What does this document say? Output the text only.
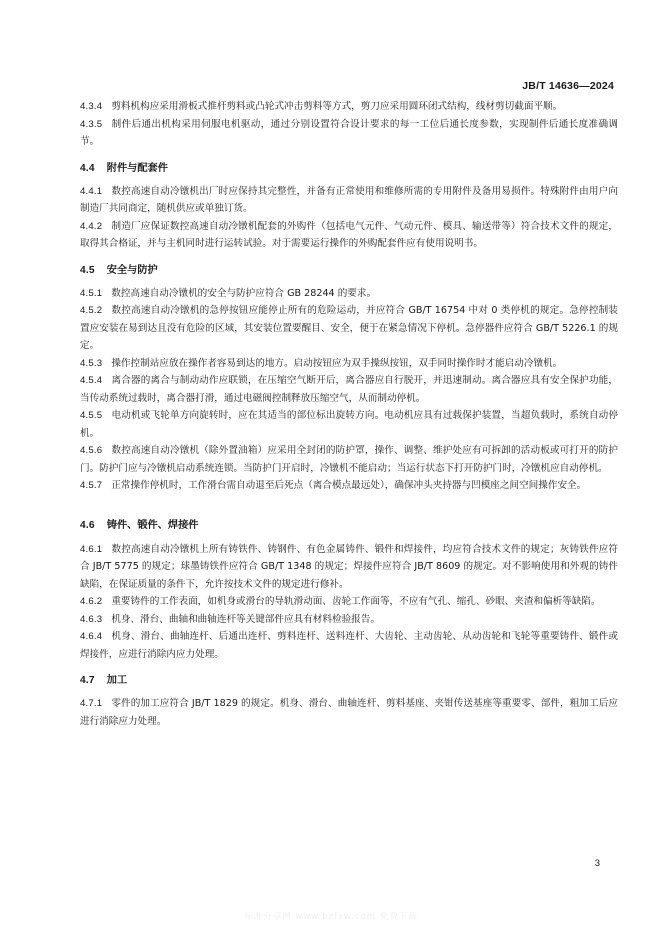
JB/T 14636—2024

4.3.4 剪料机构应采用滑板式推杆剪料或凸轮式冲击剪料等方式，剪刀应采用圆环闭式结构，线材剪切截面平顺。

4.3.5 制件后通出机构采用伺服电机驱动，通过分别设置符合设计要求的每一工位后通长度参数，实现制件后通长度准确调节。

4.4 附件与配套件

4.4.1 数控高速自动冷镦机出厂时应保持其完整性，并备有正常使用和维修所需的专用附件及备用易损件。特殊附件由用户向制造厂共同商定，随机供应或单独订货。

4.4.2 制造厂应保证数控高速自动冷镦机配套的外购件（包括电气元件、气动元件、模具、输送带等）符合技术文件的规定，取得其合格证，并与主机同时进行运转试验。对于需要运行操作的外购配套件应有使用说明书。

4.5 安全与防护

4.5.1 数控高速自动冷镦机的安全与防护应符合 GB 28244 的要求。

4.5.2 数控高速自动冷镦机的急停按钮应能停止所有的危险运动，并应符合 GB/T 16754 中对 0 类停机的规定。急停控制装置应安装在易到达且没有危险的区域，其安装位置要醒目、安全，便于在紧急情况下停机。急停器件应符合 GB/T 5226.1 的规定。

4.5.3 操作控制站应放在操作者容易到达的地方。启动按钮应为双手操纵按钮，双手同时操作时才能启动冷镦机。

4.5.4 离合器的离合与制动动作应联锁，在压缩空气断开后，离合器应自行脱开，并迅速制动。离合器应具有安全保护功能，当传动系统过载时，离合器打滑，通过电磁阀控制释放压缩空气，从而制动停机。

4.5.5 电动机或飞轮单方向旋转时，应在其适当的部位标出旋转方向。电动机应具有过载保护装置，当超负载时，系统自动停机。

4.5.6 数控高速自动冷镦机（除外置油箱）应采用全封闭的防护罩，操作、调整、维护处应有可拆卸的活动板或可打开的防护门。防护门应与冷镦机启动系统连锁。当防护门开启时，冷镦机不能启动；当运行状态下打开防护门时，冷镦机应自动停机。

4.5.7 正常操作停机时，工作滑台需自动退至后死点（离合模点最远处），确保冲头夹持器与凹模座之间空间操作安全。

4.6 铸件、锻件、焊接件

4.6.1 数控高速自动冷镦机上所有铸铁件、铸钢件、有色金属铸件、锻件和焊接件，均应符合技术文件的规定；灰铸铁件应符合 JB/T 5775 的规定；球墨铸铁件应符合 GB/T 1348 的规定；焊接件应符合 JB/T 8609 的规定。对不影响使用和外观的铸件缺陷，在保证质量的条件下，允许按技术文件的规定进行修补。

4.6.2 重要铸件的工作表面，如机身或滑台的导轨滑动面、齿轮工作面等，不应有气孔、缩孔、砂眼、夹渣和偏析等缺陷。

4.6.3 机身、滑台、曲轴和曲轴连杆等关键部件应具有材料检验报告。

4.6.4 机身、滑台、曲轴连杆、后通出连杆、剪料连杆、送料连杆、大齿轮、主动齿轮、从动齿轮和飞轮等重要铸件、锻件或焊接件，应进行消除内应力处理。

4.7 加工

4.7.1 零件的加工应符合 JB/T 1829 的规定。机身、滑台、曲轴连杆、剪料基座、夹钳传送基座等重要零、部件，粗加工后应进行消除应力处理。

3
标准分享网 www.bzfxw.com 免费下载
